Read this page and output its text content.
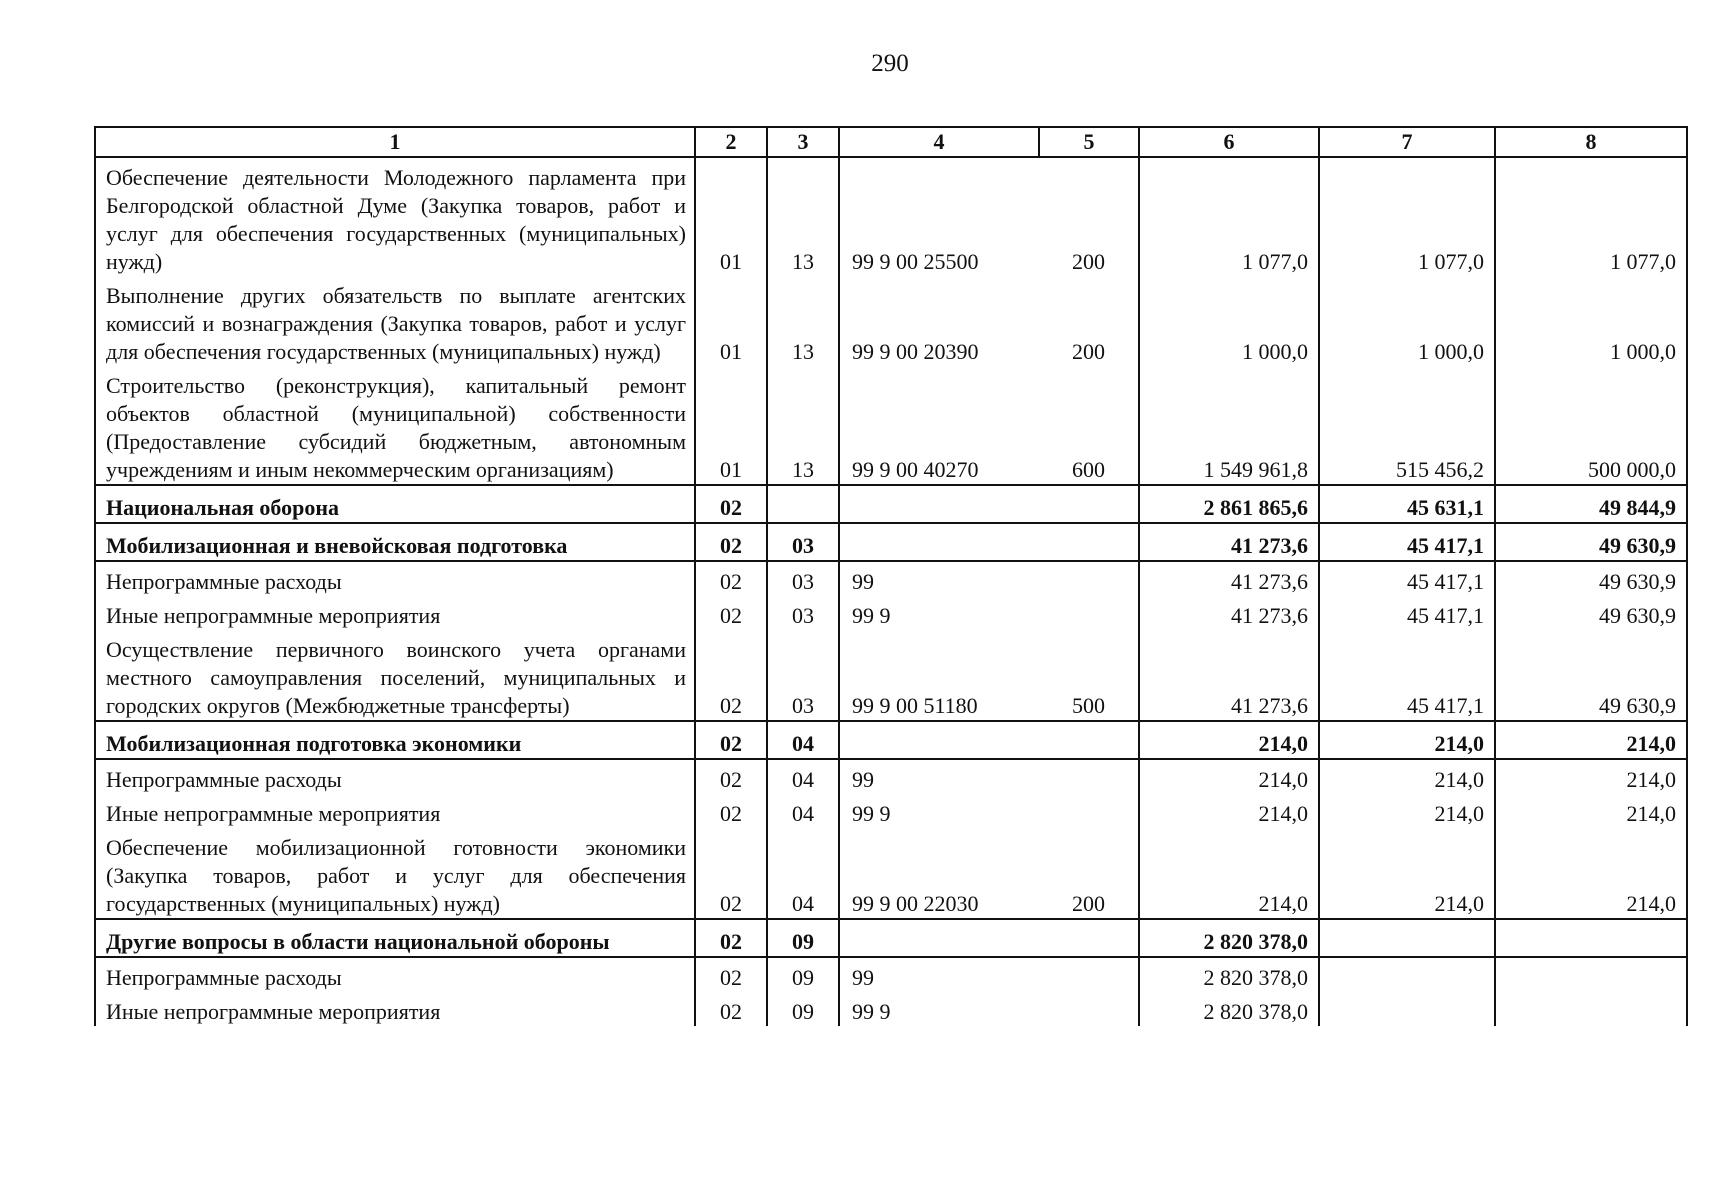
290
1	2	3	4	5	6	7	8
Обеспечение деятельности Молодежного парламента при Белгородской областной Думе (Закупка товаров, работ и услуг для обеспечения государственных (муниципальных) нужд)	01	13	99 9 00 25500	200	1 077,0	1 077,0	1 077,0
Выполнение других обязательств по выплате агентских комиссий и вознаграждения (Закупка товаров, работ и услуг для обеспечения государственных (муниципальных) нужд)	01	13	99 9 00 20390	200	1 000,0	1 000,0	1 000,0
Строительство (реконструкция), капитальный ремонт объектов областной (муниципальной) собственности (Предоставление субсидий бюджетным, автономным учреждениям и иным некоммерческим организациям)	01	13	99 9 00 40270	600	1 549 961,8	515 456,2	500 000,0
Национальная оборона	02				2 861 865,6	45 631,1	49 844,9
Мобилизационная и вневойсковая подготовка	02	03			41 273,6	45 417,1	49 630,9
Непрограммные расходы	02	03	99		41 273,6	45 417,1	49 630,9
Иные непрограммные мероприятия	02	03	99 9		41 273,6	45 417,1	49 630,9
Осуществление первичного воинского учета органами местного самоуправления поселений, муниципальных и городских округов (Межбюджетные трансферты)	02	03	99 9 00 51180	500	41 273,6	45 417,1	49 630,9
Мобилизационная подготовка экономики	02	04			214,0	214,0	214,0
Непрограммные расходы	02	04	99		214,0	214,0	214,0
Иные непрограммные мероприятия	02	04	99 9		214,0	214,0	214,0
Обеспечение мобилизационной готовности экономики (Закупка товаров, работ и услуг для обеспечения государственных (муниципальных) нужд)	02	04	99 9 00 22030	200	214,0	214,0	214,0
Другие вопросы в области национальной обороны	02	09			2 820 378,0		
Непрограммные расходы	02	09	99		2 820 378,0		
Иные непрограммные мероприятия	02	09	99 9		2 820 378,0		
